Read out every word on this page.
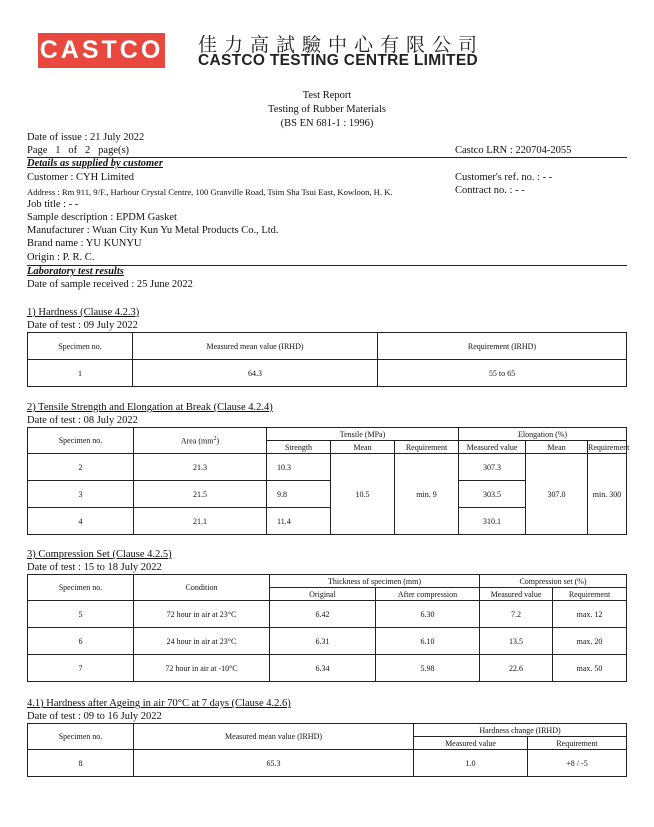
CASTCO 佳力高試驗中心有限公司
CASTCO TESTING CENTRE LIMITED
Test Report
Testing of Rubber Materials
(BS EN 681-1 : 1996)
Date of issue : 21 July 2022
Page   1   of   2   page(s)	Castco LRN : 220704-2055
Details as supplied by customer
Customer : CYH Limited	Customer's ref. no. : - -
Address : Rm 911, 9/F., Harbour Crystal Centre, 100 Granville Road, Tsim Sha Tsui East, Kowloon, H. K.	Contract no. : - -
Job title : - -
Sample description : EPDM Gasket
Manufacturer : Wuan City Kun Yu Metal Products Co., Ltd.
Brand name : YU KUNYU
Origin : P. R. C.
Laboratory test results
Date of sample received : 25 June 2022
1) Hardness (Clause 4.2.3)
Date of test : 09 July 2022
Specimen no.	Measured mean value (IRHD)	Requirement (IRHD)
1	64.3	55 to 65
2) Tensile Strength and Elongation at Break (Clause 4.2.4)
Date of test : 08 July 2022
Specimen no.	Area $(mm^2)$	Tensile (MPa)			Elongation (%)		
		Strength	Mean	Requirement	Measured value	Mean	Requirement
2	21.3	10.3	10.5	min. 9	307.3	307.0	min. 300
3	21.5	9.8			303.5		
4	21.1	11.4			310.1		
3) Compression Set (Clause 4.2.5)
Date of test : 15 to 18 July 2022
Specimen no.	Condition	Thickness of specimen (mm)		Compression set (%)	
		Original	After compression	Measured value	Requirement
5	72 hour in air at 23°C	6.42	6.30	7.2	max. 12
6	24 hour in air at 23°C	6.31	6.10	13.5	max. 20
7	72 hour in air at -10°C	6.34	5.98	22.6	max. 50
4.1) Hardness after Ageing in air 70°C at 7 days (Clause 4.2.6)
Date of test : 09 to 16 July 2022
Specimen no.	Measured mean value (IRHD)	Hardness change (IRHD)	
		Measured value	Requirement
8	65.3	1.0	+8 / -5
